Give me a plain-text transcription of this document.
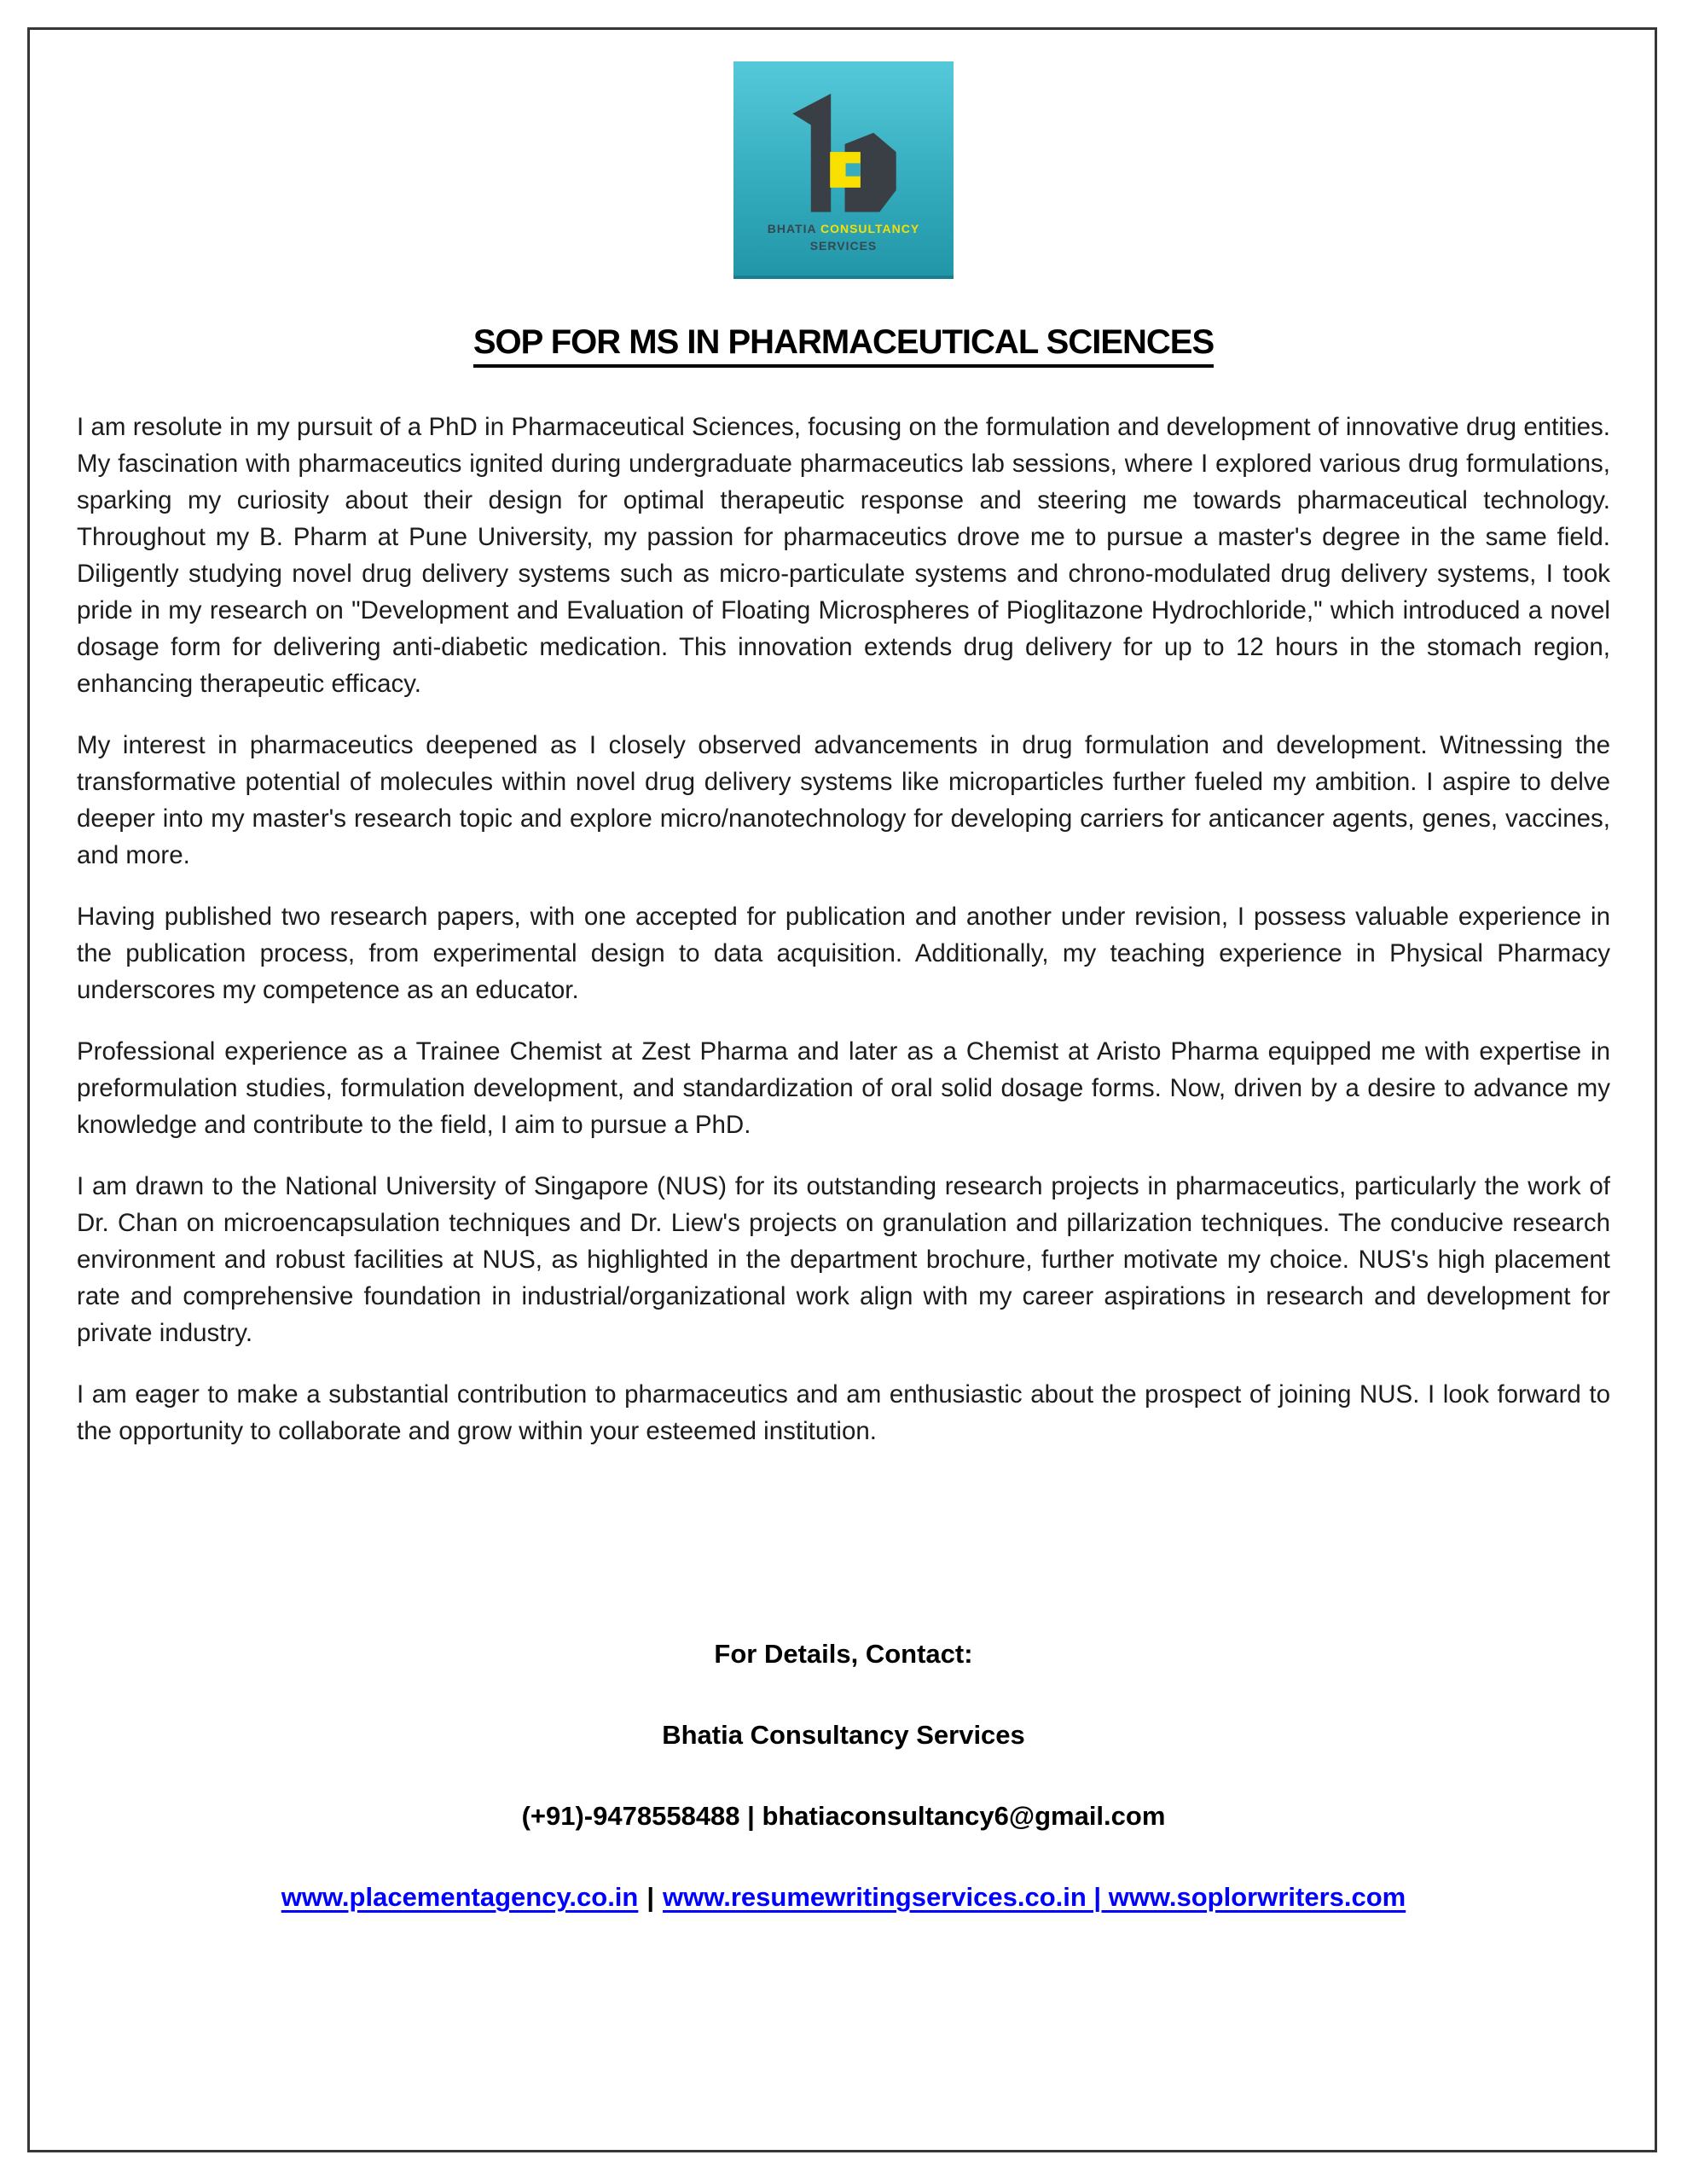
BHATIA CONSULTANCY
SERVICES
SOP FOR MS IN PHARMACEUTICAL SCIENCES

I am resolute in my pursuit of a PhD in Pharmaceutical Sciences, focusing on the formulation and development of innovative drug entities. My fascination with pharmaceutics ignited during undergraduate pharmaceutics lab sessions, where I explored various drug formulations, sparking my curiosity about their design for optimal therapeutic response and steering me towards pharmaceutical technology. Throughout my B. Pharm at Pune University, my passion for pharmaceutics drove me to pursue a master's degree in the same field. Diligently studying novel drug delivery systems such as micro-particulate systems and chrono-modulated drug delivery systems, I took pride in my research on "Development and Evaluation of Floating Microspheres of Pioglitazone Hydrochloride," which introduced a novel dosage form for delivering anti-diabetic medication. This innovation extends drug delivery for up to 12 hours in the stomach region, enhancing therapeutic efficacy.

My interest in pharmaceutics deepened as I closely observed advancements in drug formulation and development. Witnessing the transformative potential of molecules within novel drug delivery systems like microparticles further fueled my ambition. I aspire to delve deeper into my master's research topic and explore micro/nanotechnology for developing carriers for anticancer agents, genes, vaccines, and more.

Having published two research papers, with one accepted for publication and another under revision, I possess valuable experience in the publication process, from experimental design to data acquisition. Additionally, my teaching experience in Physical Pharmacy underscores my competence as an educator.

Professional experience as a Trainee Chemist at Zest Pharma and later as a Chemist at Aristo Pharma equipped me with expertise in preformulation studies, formulation development, and standardization of oral solid dosage forms. Now, driven by a desire to advance my knowledge and contribute to the field, I aim to pursue a PhD.

I am drawn to the National University of Singapore (NUS) for its outstanding research projects in pharmaceutics, particularly the work of Dr. Chan on microencapsulation techniques and Dr. Liew's projects on granulation and pillarization techniques. The conducive research environment and robust facilities at NUS, as highlighted in the department brochure, further motivate my choice. NUS's high placement rate and comprehensive foundation in industrial/organizational work align with my career aspirations in research and development for private industry.

I am eager to make a substantial contribution to pharmaceutics and am enthusiastic about the prospect of joining NUS. I look forward to the opportunity to collaborate and grow within your esteemed institution.

For Details, Contact:
Bhatia Consultancy Services
(+91)-9478558488 | bhatiaconsultancy6@gmail.com
www.placementagency.co.in | www.resumewritingservices.co.in | www.soplorwriters.com
